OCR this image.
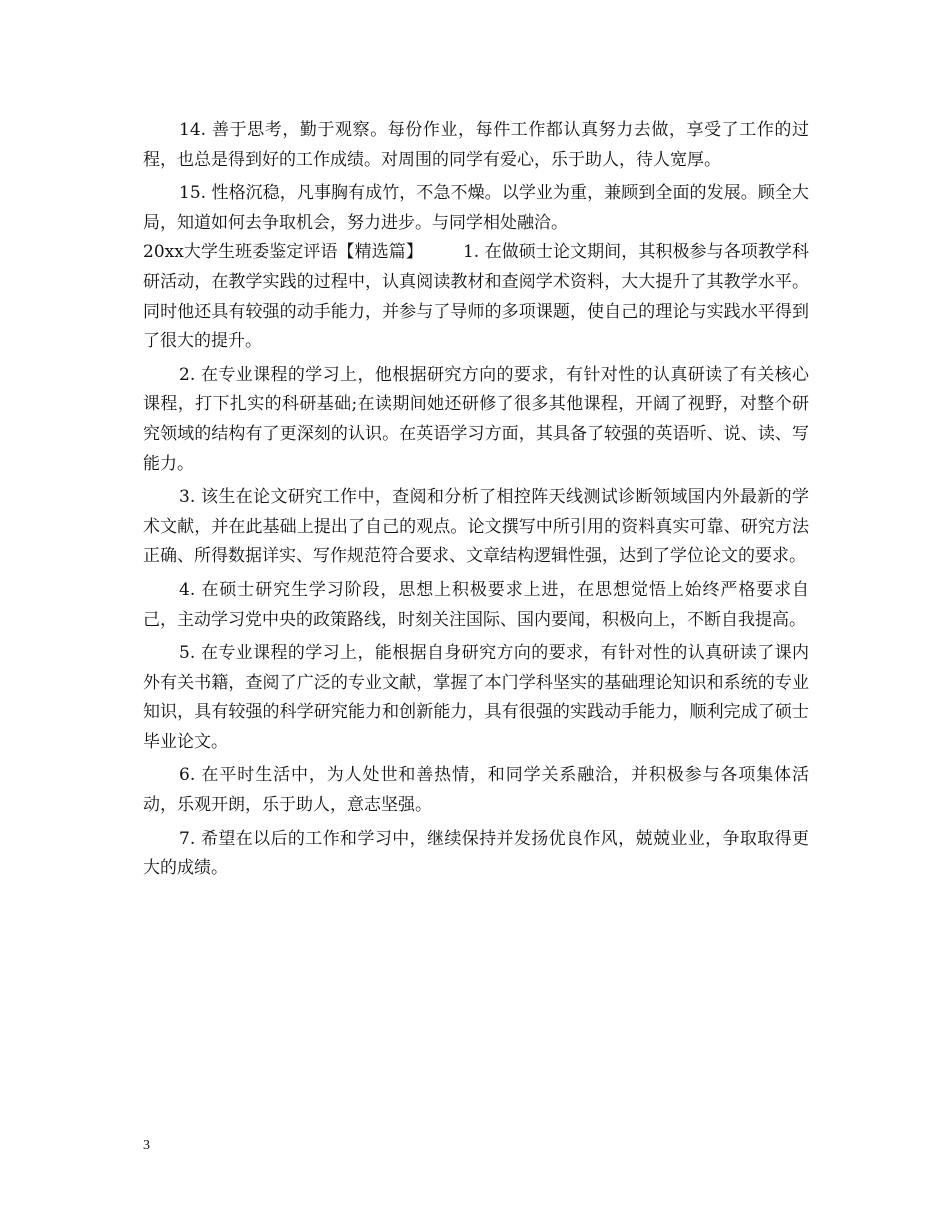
14. 善于思考，勤于观察。每份作业，每件工作都认真努力去做，享受了工作的过程，也总是得到好的工作成绩。对周围的同学有爱心，乐于助人，待人宽厚。

15. 性格沉稳，凡事胸有成竹，不急不燥。以学业为重，兼顾到全面的发展。顾全大局，知道如何去争取机会，努力进步。与同学相处融洽。

20xx大学生班委鉴定评语【精选篇】 1. 在做硕士论文期间，其积极参与各项教学科研活动，在教学实践的过程中，认真阅读教材和查阅学术资料，大大提升了其教学水平。同时他还具有较强的动手能力，并参与了导师的多项课题，使自己的理论与实践水平得到了很大的提升。

2. 在专业课程的学习上，他根据研究方向的要求，有针对性的认真研读了有关核心课程，打下扎实的科研基础;在读期间她还研修了很多其他课程，开阔了视野，对整个研究领域的结构有了更深刻的认识。在英语学习方面，其具备了较强的英语听、说、读、写能力。

3. 该生在论文研究工作中，查阅和分析了相控阵天线测试诊断领域国内外最新的学术文献，并在此基础上提出了自己的观点。论文撰写中所引用的资料真实可靠、研究方法正确、所得数据详实、写作规范符合要求、文章结构逻辑性强，达到了学位论文的要求。

4. 在硕士研究生学习阶段，思想上积极要求上进，在思想觉悟上始终严格要求自己，主动学习党中央的政策路线，时刻关注国际、国内要闻，积极向上，不断自我提高。

5. 在专业课程的学习上，能根据自身研究方向的要求，有针对性的认真研读了课内外有关书籍，查阅了广泛的专业文献，掌握了本门学科坚实的基础理论知识和系统的专业知识，具有较强的科学研究能力和创新能力，具有很强的实践动手能力，顺利完成了硕士毕业论文。

6. 在平时生活中，为人处世和善热情，和同学关系融洽，并积极参与各项集体活动，乐观开朗，乐于助人，意志坚强。

7. 希望在以后的工作和学习中，继续保持并发扬优良作风，兢兢业业，争取取得更大的成绩。

3
